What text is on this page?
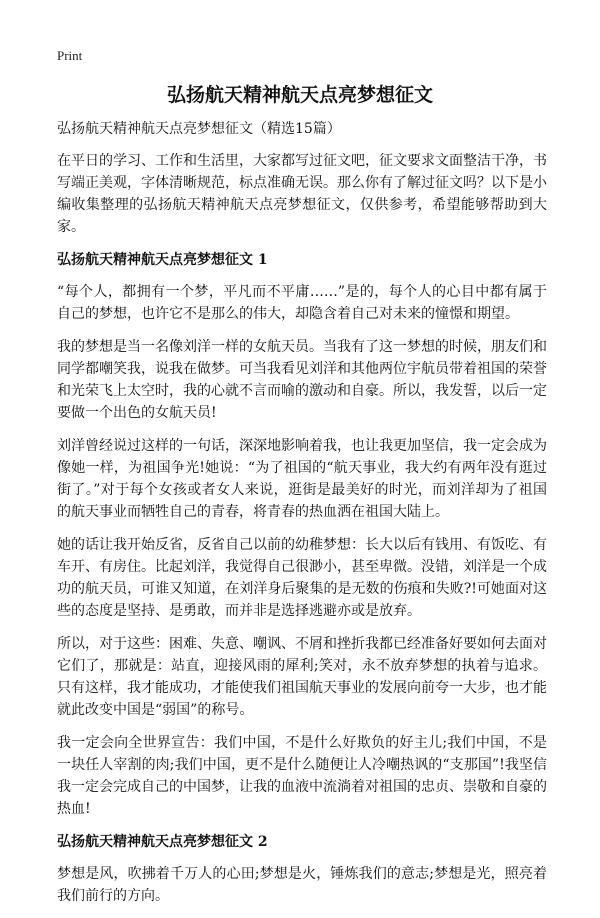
Print
弘扬航天精神航天点亮梦想征文

弘扬航天精神航天点亮梦想征文（精选15篇）

在平日的学习、工作和生活里，大家都写过征文吧，征文要求文面整洁干净，书写端正美观，字体清晰规范，标点准确无误。那么你有了解过征文吗？以下是小编收集整理的弘扬航天精神航天点亮梦想征文，仅供参考，希望能够帮助到大家。

弘扬航天精神航天点亮梦想征文 1

“每个人，都拥有一个梦，平凡而不平庸……”是的，每个人的心目中都有属于自己的梦想，也许它不是那么的伟大，却隐含着自己对未来的憧憬和期望。

我的梦想是当一名像刘洋一样的女航天员。当我有了这一梦想的时候，朋友们和同学都嘲笑我，说我在做梦。可当我看见刘洋和其他两位宇航员带着祖国的荣誉和光荣飞上太空时，我的心就不言而喻的激动和自豪。所以，我发誓，以后一定要做一个出色的女航天员!

刘洋曾经说过这样的一句话，深深地影响着我，也让我更加坚信，我一定会成为像她一样，为祖国争光!她说：“为了祖国的“航天事业，我大约有两年没有逛过街了。”对于每个女孩或者女人来说，逛街是最美好的时光，而刘洋却为了祖国的航天事业而牺牲自己的青春，将青春的热血洒在祖国大陆上。

她的话让我开始反省，反省自己以前的幼稚梦想：长大以后有钱用、有饭吃、有车开、有房住。比起刘洋，我觉得自己很渺小，甚至卑微。没错，刘洋是一个成功的航天员，可谁又知道，在刘洋身后聚集的是无数的伤痕和失败?!可她面对这些的态度是坚持、是勇敢，而并非是选择逃避亦或是放弃。

所以，对于这些：困难、失意、嘲讽、不屑和挫折我都已经准备好要如何去面对它们了，那就是：站直，迎接风雨的犀利;笑对，永不放弃梦想的执着与追求。只有这样，我才能成功，才能使我们祖国航天事业的发展向前夸一大步，也才能就此改变中国是“弱国”的称号。

我一定会向全世界宣告：我们中国，不是什么好欺负的好主儿;我们中国，不是一块任人宰割的肉;我们中国，更不是什么随便让人冷嘲热讽的“支那国”!我坚信我一定会完成自己的中国梦，让我的血液中流淌着对祖国的忠贞、崇敬和自豪的热血!

弘扬航天精神航天点亮梦想征文 2

梦想是风，吹拂着千万人的心田;梦想是火，锤炼我们的意志;梦想是光，照亮着我们前行的方向。
